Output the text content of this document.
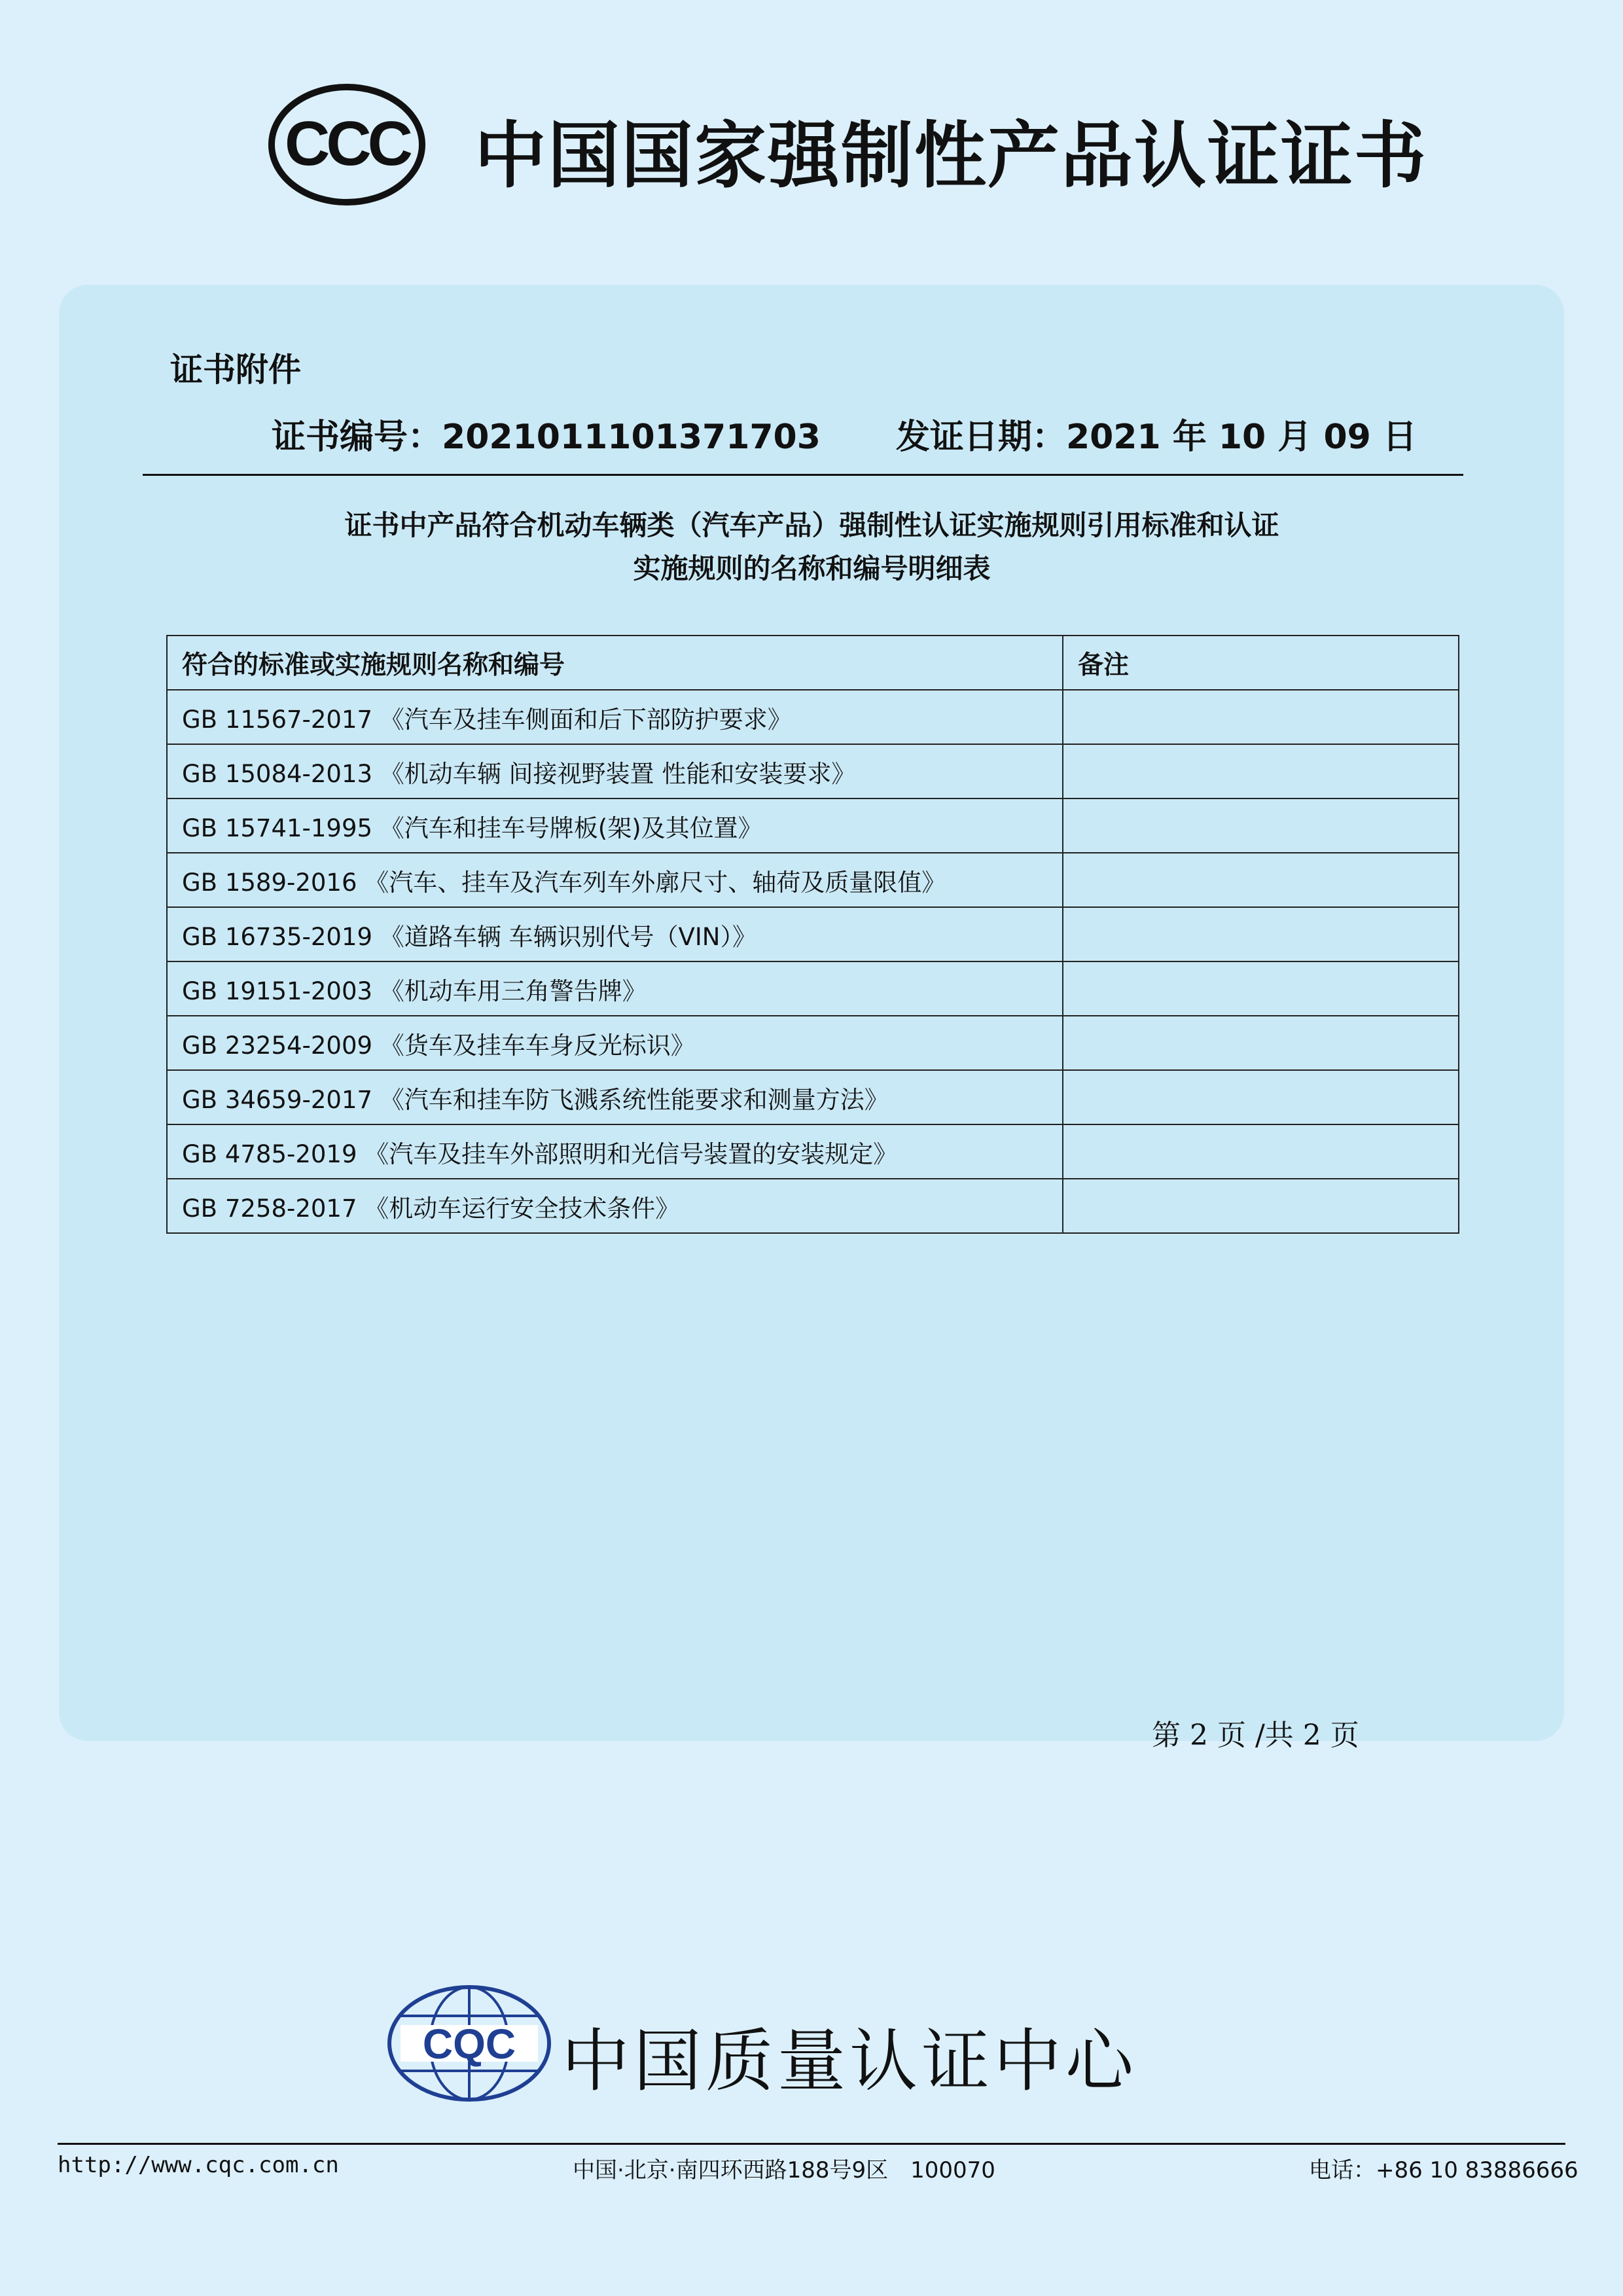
CCC 中国国家强制性产品认证证书
证书附件
证书编号：2021011101371703 发证日期：2021 年 10 月 09 日
证书中产品符合机动车辆类（汽车产品）强制性认证实施规则引用标准和认证
实施规则的名称和编号明细表
符合的标准或实施规则名称和编号	备注
GB 11567-2017 《汽车及挂车侧面和后下部防护要求》	
GB 15084-2013 《机动车辆 间接视野装置 性能和安装要求》	
GB 15741-1995 《汽车和挂车号牌板(架)及其位置》	
GB 1589-2016 《汽车、挂车及汽车列车外廓尺寸、轴荷及质量限值》	
GB 16735-2019 《道路车辆 车辆识别代号（VIN）》	
GB 19151-2003 《机动车用三角警告牌》	
GB 23254-2009 《货车及挂车车身反光标识》	
GB 34659-2017 《汽车和挂车防飞溅系统性能要求和测量方法》	
GB 4785-2019 《汽车及挂车外部照明和光信号装置的安装规定》	
GB 7258-2017 《机动车运行安全技术条件》	
第 2 页 /共 2 页
CQC 中国质量认证中心
http://www.cqc.com.cn	中国·北京·南四环西路188号9区　100070	电话：+86 10 83886666
